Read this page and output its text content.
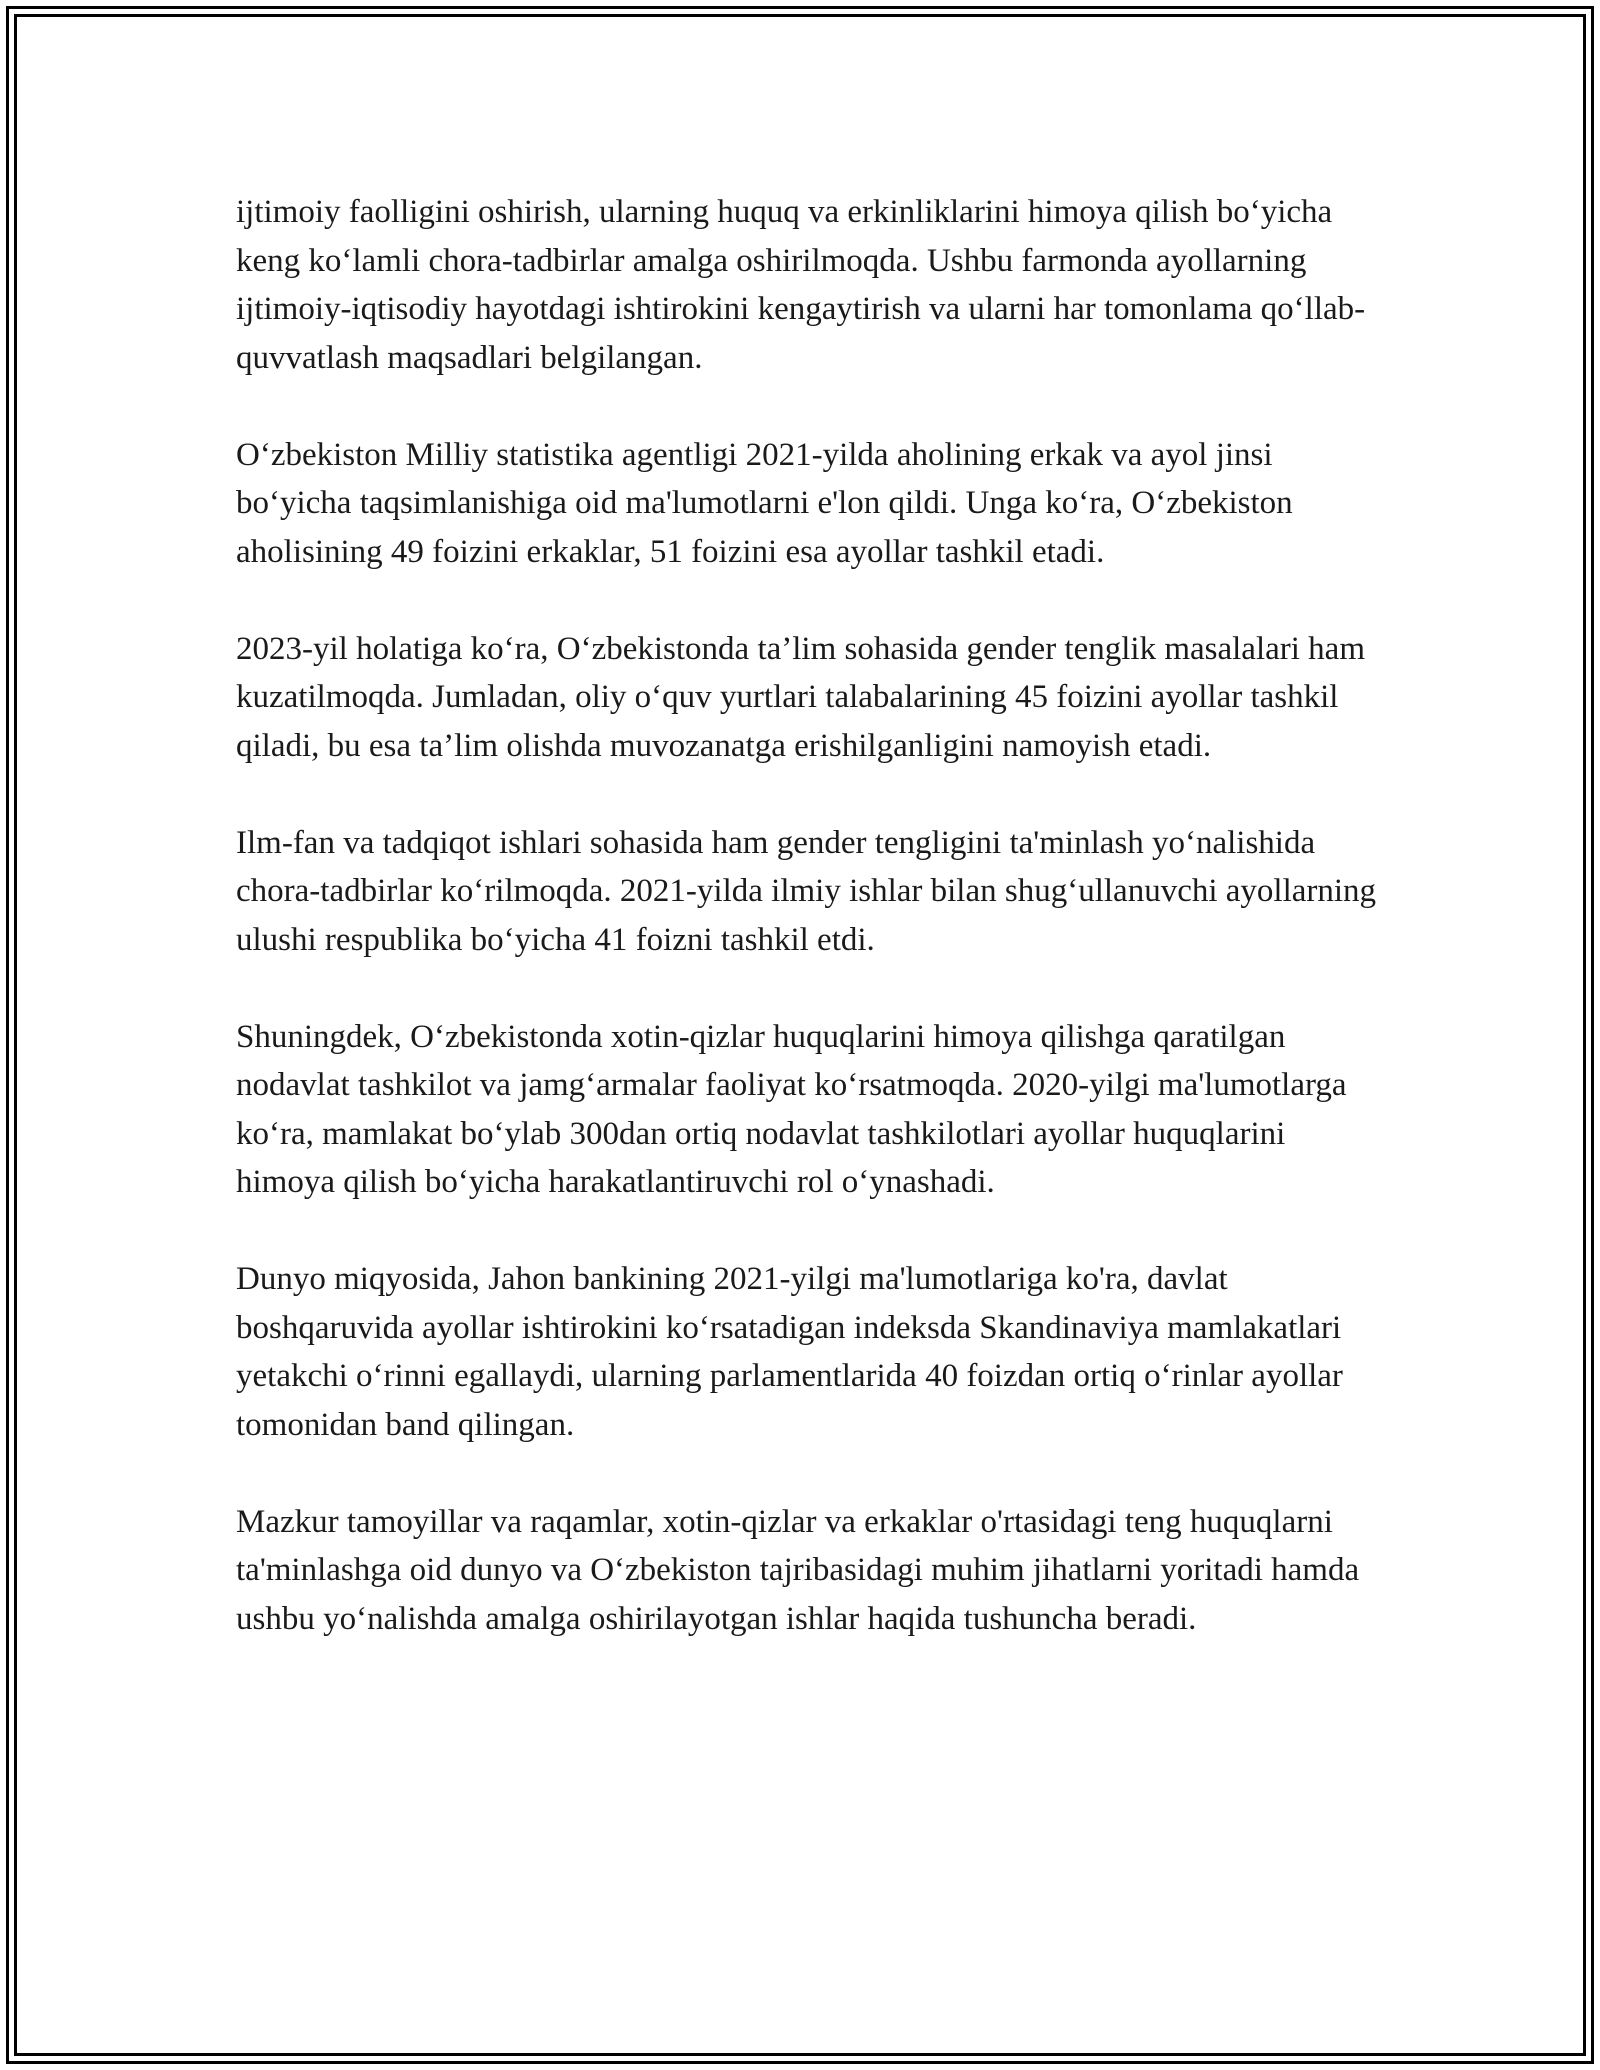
ijtimoiy faolligini oshirish, ularning huquq va erkinliklarini himoya qilish bo‘yicha keng ko‘lamli chora-tadbirlar amalga oshirilmoqda. Ushbu farmonda ayollarning ijtimoiy-iqtisodiy hayotdagi ishtirokini kengaytirish va ularni har tomonlama qo‘llab-quvvatlash maqsadlari belgilangan.

O‘zbekiston Milliy statistika agentligi 2021-yilda aholining erkak va ayol jinsi bo‘yicha taqsimlanishiga oid ma'lumotlarni e'lon qildi. Unga ko‘ra, O‘zbekiston aholisining 49 foizini erkaklar, 51 foizini esa ayollar tashkil etadi.

2023-yil holatiga ko‘ra, O‘zbekistonda ta’lim sohasida gender tenglik masalalari ham kuzatilmoqda. Jumladan, oliy o‘quv yurtlari talabalarining 45 foizini ayollar tashkil qiladi, bu esa ta’lim olishda muvozanatga erishilganligini namoyish etadi.

Ilm-fan va tadqiqot ishlari sohasida ham gender tengligini ta'minlash yo‘nalishida chora-tadbirlar ko‘rilmoqda. 2021-yilda ilmiy ishlar bilan shug‘ullanuvchi ayollarning ulushi respublika bo‘yicha 41 foizni tashkil etdi.

Shuningdek, O‘zbekistonda xotin-qizlar huquqlarini himoya qilishga qaratilgan nodavlat tashkilot va jamg‘armalar faoliyat ko‘rsatmoqda. 2020-yilgi ma'lumotlarga ko‘ra, mamlakat bo‘ylab 300dan ortiq nodavlat tashkilotlari ayollar huquqlarini himoya qilish bo‘yicha harakatlantiruvchi rol o‘ynashadi.

Dunyo miqyosida, Jahon bankining 2021-yilgi ma'lumotlariga ko'ra, davlat boshqaruvida ayollar ishtirokini ko‘rsatadigan indeksda Skandinaviya mamlakatlari yetakchi o‘rinni egallaydi, ularning parlamentlarida 40 foizdan ortiq o‘rinlar ayollar tomonidan band qilingan.

Mazkur tamoyillar va raqamlar, xotin-qizlar va erkaklar o'rtasidagi teng huquqlarni ta'minlashga oid dunyo va O‘zbekiston tajribasidagi muhim jihatlarni yoritadi hamda ushbu yo‘nalishda amalga oshirilayotgan ishlar haqida tushuncha beradi.
